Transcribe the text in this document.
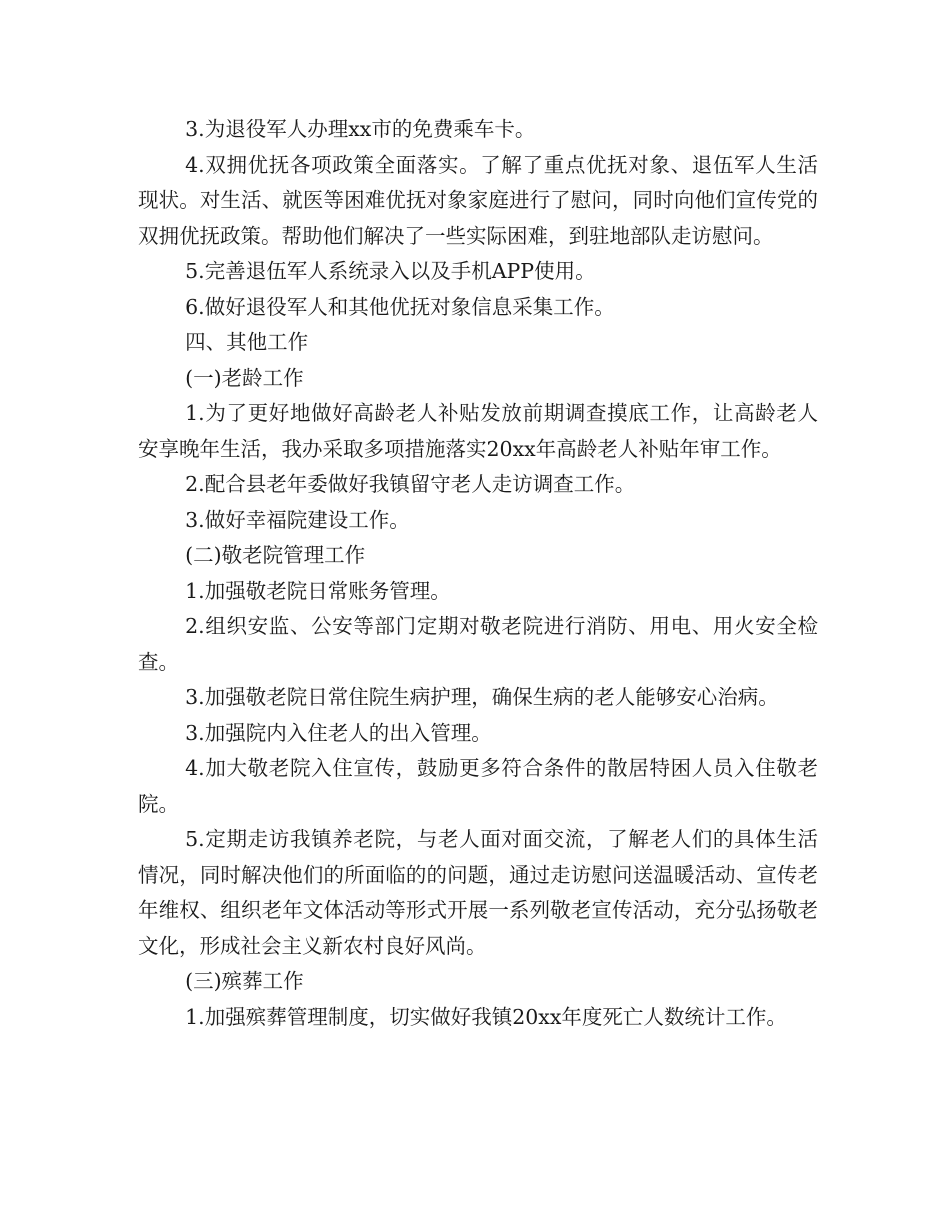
3.为退役军人办理xx市的免费乘车卡。

4.双拥优抚各项政策全面落实。了解了重点优抚对象、退伍军人生活现状。对生活、就医等困难优抚对象家庭进行了慰问，同时向他们宣传党的双拥优抚政策。帮助他们解决了一些实际困难，到驻地部队走访慰问。

5.完善退伍军人系统录入以及手机APP使用。

6.做好退役军人和其他优抚对象信息采集工作。

四、其他工作

(一)老龄工作

1.为了更好地做好高龄老人补贴发放前期调查摸底工作，让高龄老人安享晚年生活，我办采取多项措施落实20xx年高龄老人补贴年审工作。

2.配合县老年委做好我镇留守老人走访调查工作。

3.做好幸福院建设工作。

(二)敬老院管理工作

1.加强敬老院日常账务管理。

2.组织安监、公安等部门定期对敬老院进行消防、用电、用火安全检查。

3.加强敬老院日常住院生病护理，确保生病的老人能够安心治病。

3.加强院内入住老人的出入管理。

4.加大敬老院入住宣传，鼓励更多符合条件的散居特困人员入住敬老院。

5.定期走访我镇养老院，与老人面对面交流，了解老人们的具体生活情况，同时解决他们的所面临的的问题，通过走访慰问送温暖活动、宣传老年维权、组织老年文体活动等形式开展一系列敬老宣传活动，充分弘扬敬老文化，形成社会主义新农村良好风尚。

(三)殡葬工作

1.加强殡葬管理制度，切实做好我镇20xx年度死亡人数统计工作。
